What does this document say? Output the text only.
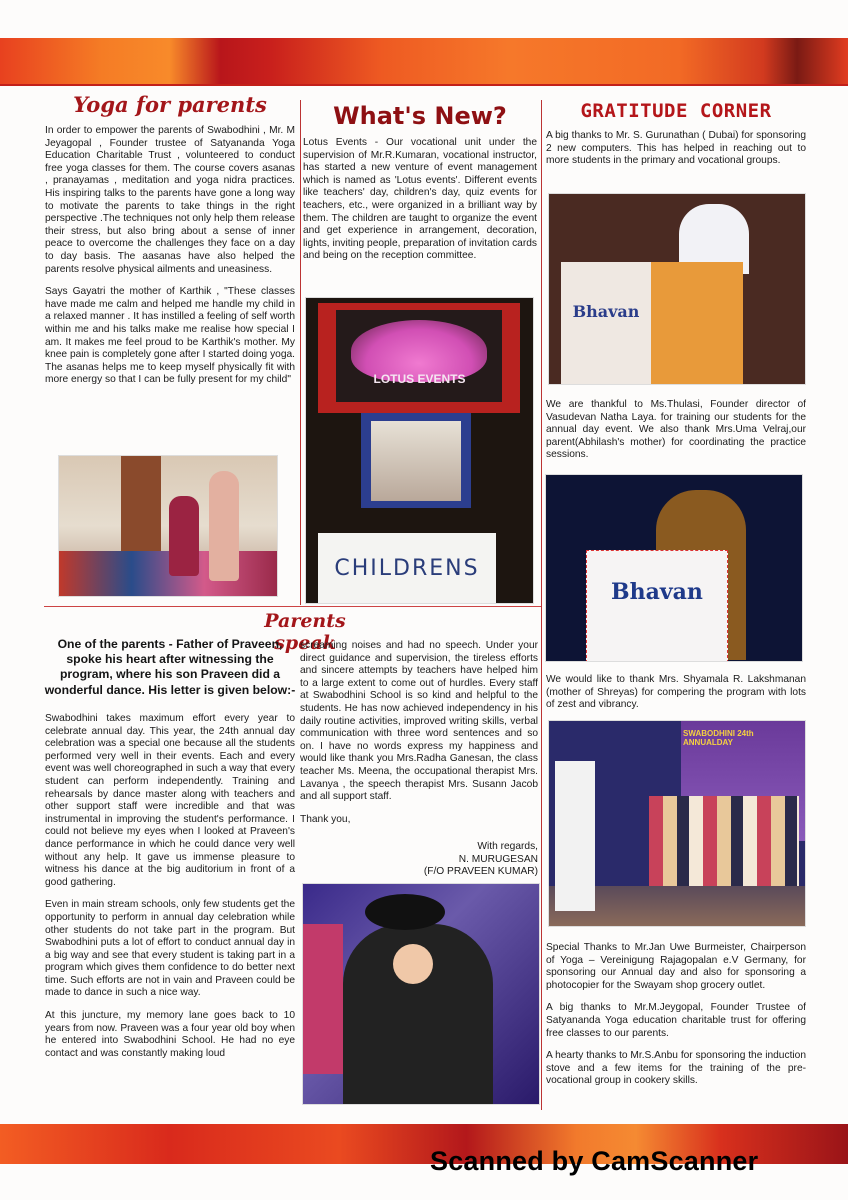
Yoga for parents

In order to empower the parents of Swabodhini , Mr. M Jeyagopal , Founder trustee of Satyananda Yoga Education Charitable Trust , volunteered to conduct free yoga classes for them. The course covers asanas , pranayamas , meditation and yoga nidra practices. His inspiring talks to the parents have gone a long way to motivate the parents to take things in the right perspective .The techniques not only help them release their stress, but also bring about a sense of inner peace to overcome the challenges they face on a day to day basis. The aasanas have also helped the parents resolve physical ailments and uneasiness.

Says Gayatri the mother of Karthik , "These classes have made me calm and helped me handle my child in a relaxed manner . It has instilled a feeling of self worth within me and his talks make me realise how special I am. It makes me feel proud to be Karthik's mother. My knee pain is completely gone after I started doing yoga. The asanas helps me to keep myself physically fit with more energy so that I can be fully present for my child"

What's New?

Lotus Events - Our vocational unit under the supervision of Mr.R.Kumaran, vocational instructor, has started a new venture of event management which is named as 'Lotus events'. Different events like teachers' day, children's day, quiz events for teachers, etc., were organized in a brilliant way by them. The children are taught to organize the event and get experience in arrangement, decoration, lights, inviting people, preparation of invitation cards and being on the reception committee.

LOTUS EVENTS
CHILDRENS
GRATITUDE CORNER
A big thanks to Mr. S. Gurunathan ( Dubai) for sponsoring 2 new computers. This has helped in reaching out to more students in the primary and vocational groups.
Bhavan
We are thankful to Ms.Thulasi, Founder director of Vasudevan Natha Laya. for training our students for the annual day event. We also thank Mrs.Uma Velraj,our parent(Abhilash's mother) for coordinating the practice sessions.
Bhavan
We would like to thank Mrs. Shyamala R. Lakshmanan (mother of Shreyas) for compering the program with lots of zest and vibrancy.
SWABODHINI 24th ANNUALDAY

Special Thanks to Mr.Jan Uwe Burmeister, Chairperson of Yoga – Vereinigung Rajagopalan e.V Germany, for sponsoring our Annual day and also for sponsoring a photocopier for the Swayam shop grocery outlet.

A big thanks to Mr.M.Jeygopal, Founder Trustee of Satyananda Yoga education charitable trust for offering free classes to our parents.

A hearty thanks to Mr.S.Anbu for sponsoring the induction stove and a few items for the training of the pre-vocational group in cookery skills.

Parents speak
One of the parents - Father of Praveen, spoke his heart after witnessing the program, where his son Praveen did a wonderful dance. His letter is given below:-

Swabodhini takes maximum effort every year to celebrate annual day. This year, the 24th annual day celebration was a special one because all the students performed very well in their events. Each and every event was well choreographed in such a way that every student can perform independently. Training and rehearsals by dance master along with teachers and other support staff were incredible and that was instrumental in improving the student's performance. I could not believe my eyes when I looked at Praveen's dance performance in which he could dance very well without any help. It gave us immense pleasure to witness his dance at the big auditorium in front of a good gathering.

Even in main stream schools, only few students get the opportunity to perform in annual day celebration while other students do not take part in the program. But Swabodhini puts a lot of effort to conduct annual day in a big way and see that every student is taking part in a program which gives them confidence to do better next time. Such efforts are not in vain and Praveen could be made to dance in such a nice way.

At this juncture, my memory lane goes back to 10 years from now. Praveen was a four year old boy when he entered into Swabodhini School. He had no eye contact and was constantly making loud

screaming noises and had no speech. Under your direct guidance and supervision, the tireless efforts and sincere attempts by teachers have helped him to a large extent to come out of hurdles. Every staff at Swabodhini School is so kind and helpful to the students. He has now achieved independency in his daily routine activities, improved writing skills, verbal communication with three word sentences and so on. I have no words express my happiness and would like thank you Mrs.Radha Ganesan, the class teacher Ms. Meena, the occupational therapist Mrs. Lavanya , the speech therapist Mrs. Susann Jacob and all support staff.

Thank you,

With regards,
N. MURUGESAN
(F/O PRAVEEN KUMAR)
Scanned by CamScanner
